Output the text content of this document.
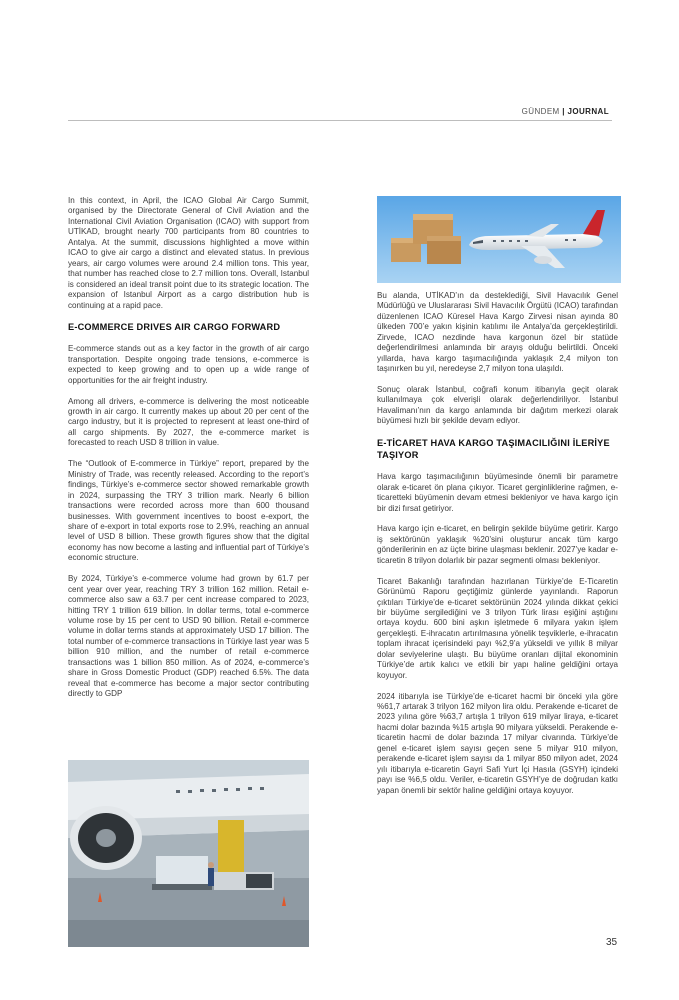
GÜNDEM | JOURNAL

In this context, in April, the ICAO Global Air Cargo Summit, organised by the Directorate General of Civil Aviation and the International Civil Aviation Organisation (ICAO) with support from UTİKAD, brought nearly 700 participants from 80 countries to Antalya. At the summit, discussions highlighted a move within ICAO to give air cargo a distinct and elevated status. In previous years, air cargo volumes were around 2.4 million tons. This year, that number has reached close to 2.7 million tons. Overall, Istanbul is considered an ideal transit point due to its strategic location. The expansion of Istanbul Airport as a cargo distribution hub is continuing at a rapid pace.

E-COMMERCE DRIVES AIR CARGO FORWARD

E-commerce stands out as a key factor in the growth of air cargo transportation. Despite ongoing trade tensions, e-commerce is expected to keep growing and to open up a wide range of opportunities for the air freight industry.

Among all drivers, e-commerce is delivering the most noticeable growth in air cargo. It currently makes up about 20 per cent of the cargo industry, but it is projected to represent at least one-third of all cargo shipments. By 2027, the e-commerce market is forecasted to reach USD 8 trillion in value.

The “Outlook of E-commerce in Türkiye” report, prepared by the Ministry of Trade, was recently released. According to the report’s findings, Türkiye’s e-commerce sector showed remarkable growth in 2024, surpassing the TRY 3 trillion mark. Nearly 6 billion transactions were recorded across more than 600 thousand businesses. With government incentives to boost e-export, the share of e-export in total exports rose to 2.9%, reaching an annual level of USD 8 billion. These growth figures show that the digital economy has now become a lasting and influential part of Türkiye’s economic structure.

By 2024, Türkiye’s e-commerce volume had grown by 61.7 per cent year over year, reaching TRY 3 trillion 162 million. Retail e-commerce also saw a 63.7 per cent increase compared to 2023, hitting TRY 1 trillion 619 billion. In dollar terms, total e-commerce volume rose by 15 per cent to USD 90 billion. Retail e-commerce volume in dollar terms stands at approximately USD 17 billion. The total number of e-commerce transactions in Türkiye last year was 5 billion 910 million, and the number of retail e-commerce transactions was 1 billion 850 million. As of 2024, e-commerce’s share in Gross Domestic Product (GDP) reached 6.5%. The data reveal that e-commerce has become a major sector contributing directly to GDP

Bu alanda, UTİKAD’ın da desteklediği, Sivil Havacılık Genel Müdürlüğü ve Uluslararası Sivil Havacılık Örgütü (ICAO) tarafından düzenlenen ICAO Küresel Hava Kargo Zirvesi nisan ayında 80 ülkeden 700’e yakın kişinin katılımı ile Antalya’da gerçekleştirildi. Zirvede, ICAO nezdinde hava kargonun özel bir statüde değerlendirilmesi anlamında bir arayış olduğu belirtildi. Önceki yıllarda, hava kargo taşımacılığında yaklaşık 2,4 milyon ton taşınırken bu yıl, neredeyse 2,7 milyon tona ulaşıldı.

Sonuç olarak İstanbul, coğrafi konum itibarıyla geçit olarak kullanılmaya çok elverişli olarak değerlendiriliyor. İstanbul Havalimanı’nın da kargo anlamında bir dağıtım merkezi olarak büyümesi hızlı bir şekilde devam ediyor.

E-TİCARET HAVA KARGO TAŞIMACILIĞINI İLERİYE TAŞIYOR

Hava kargo taşımacılığının büyümesinde önemli bir parametre olarak e-ticaret ön plana çıkıyor. Ticaret gerginliklerine rağmen, e-ticaretteki büyümenin devam etmesi bekleniyor ve hava kargo için bir dizi fırsat getiriyor.

Hava kargo için e-ticaret, en belirgin şekilde büyüme getirir. Kargo iş sektörünün yaklaşık %20’sini oluşturur ancak tüm kargo gönderilerinin en az üçte birine ulaşması beklenir. 2027’ye kadar e-ticaretin 8 trilyon dolarlık bir pazar segmenti olması bekleniyor.

Ticaret Bakanlığı tarafından hazırlanan Türkiye’de E-Ticaretin Görünümü Raporu geçtiğimiz günlerde yayınlandı. Raporun çıktıları Türkiye’de e-ticaret sektörünün 2024 yılında dikkat çekici bir büyüme sergilediğini ve 3 trilyon Türk lirası eşiğini aştığını ortaya koydu. 600 bini aşkın işletmede 6 milyara yakın işlem gerçekleşti. E-ihracatın artırılmasına yönelik teşviklerle, e-ihracatın toplam ihracat içerisindeki payı %2,9’a yükseldi ve yıllık 8 milyar dolar seviyelerine ulaştı. Bu büyüme oranları dijital ekonominin Türkiye’de artık kalıcı ve etkili bir yapı haline geldiğini ortaya koyuyor.

2024 itibarıyla ise Türkiye’de e-ticaret hacmi bir önceki yıla göre %61,7 artarak 3 trilyon 162 milyon lira oldu. Perakende e-ticaret de 2023 yılına göre %63,7 artışla 1 trilyon 619 milyar liraya, e-ticaret hacmi dolar bazında %15 artışla 90 milyara yükseldi. Perakende e-ticaretin hacmi de dolar bazında 17 milyar civarında. Türkiye’de genel e-ticaret işlem sayısı geçen sene 5 milyar 910 milyon, perakende e-ticaret işlem sayısı da 1 milyar 850 milyon adet, 2024 yılı itibarıyla e-ticaretin Gayri Safi Yurt İçi Hasıla (GSYH) içindeki payı ise %6,5 oldu. Veriler, e-ticaretin GSYH’ye de doğrudan katkı yapan önemli bir sektör haline geldiğini ortaya koyuyor.

35
